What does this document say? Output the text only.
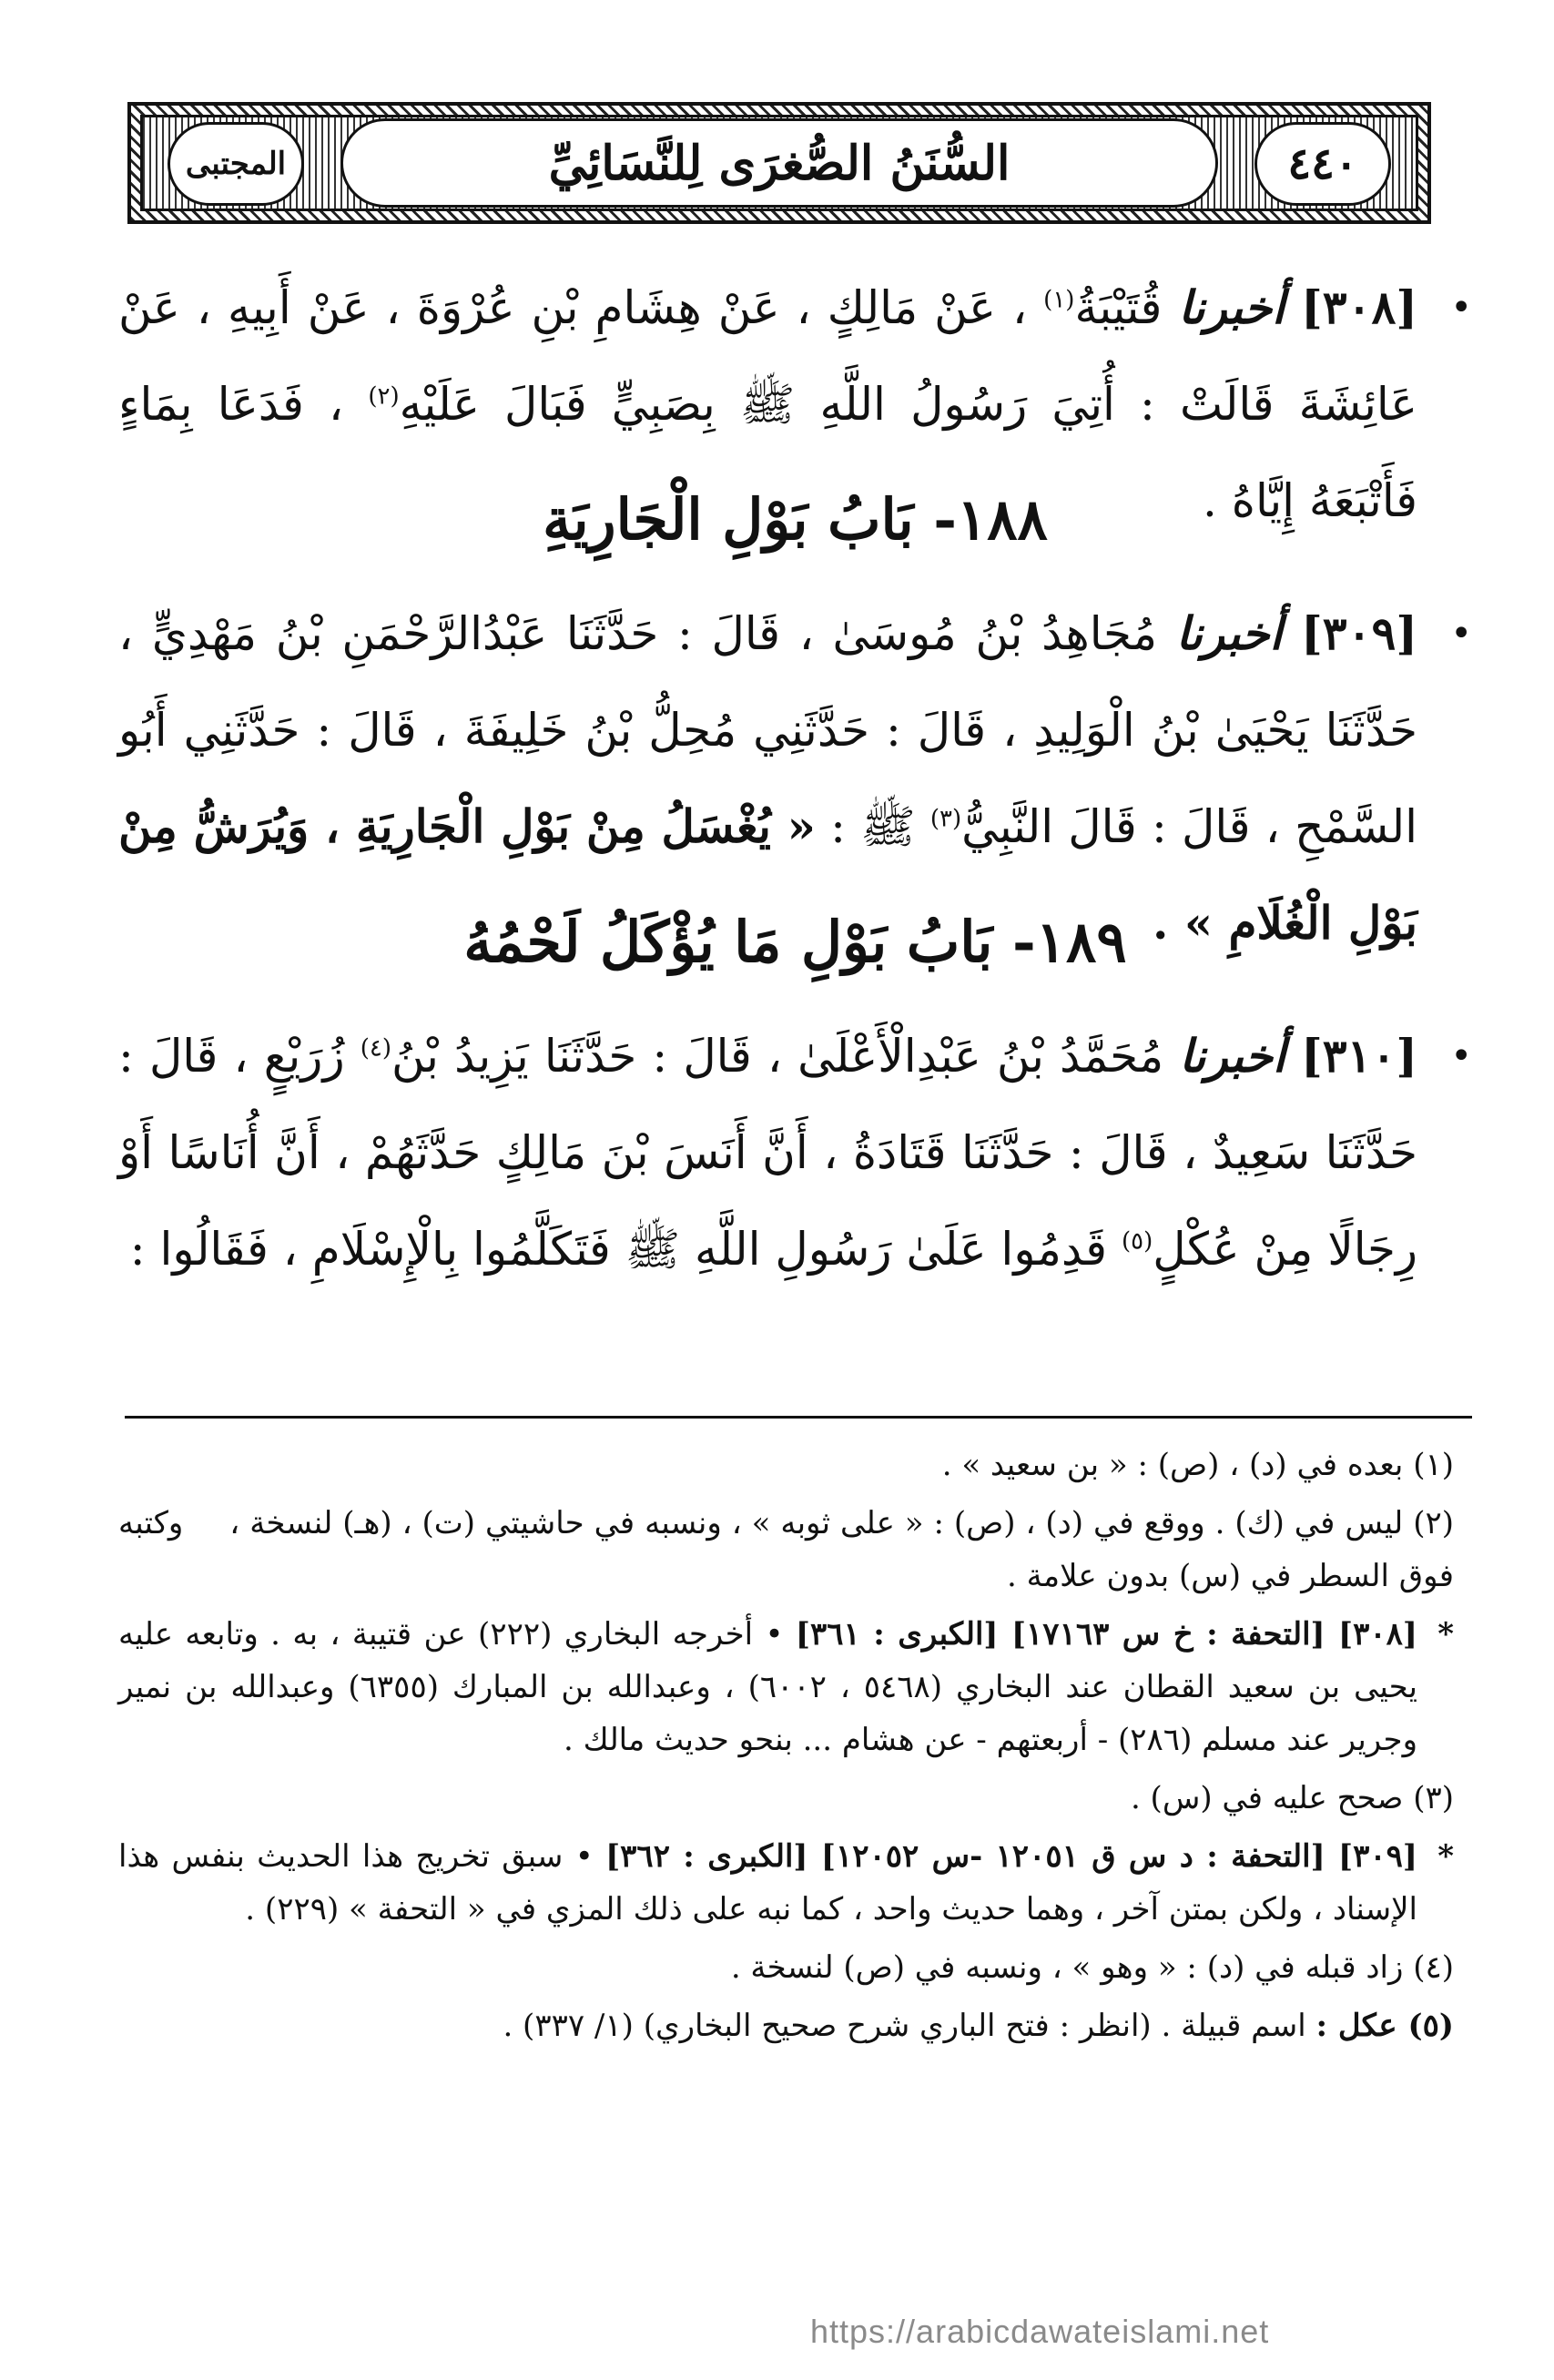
٤٤٠
السُّنَنُ الصُّغرَى لِلنَّسَائِيِّ
المجتبى

•
[٣٠٨] أخبرنا قُتَيْبَةُ$^{(١)}$ ، عَنْ مَالِكٍ ، عَنْ هِشَامِ بْنِ عُرْوَةَ ، عَنْ أَبِيهِ ، عَنْ عَائِشَةَ قَالَتْ : أُتِيَ رَسُولُ اللَّهِ ﷺ بِصَبِيٍّ فَبَالَ عَلَيْهِ$^{(٢)}$ ، فَدَعَا بِمَاءٍ فَأَتْبَعَهُ إِيَّاهُ .

١٨٨- بَابُ بَوْلِ الْجَارِيَةِ

•
[٣٠٩] أخبرنا مُجَاهِدُ بْنُ مُوسَىٰ ، قَالَ : حَدَّثَنَا عَبْدُالرَّحْمَنِ بْنُ مَهْدِيٍّ ، حَدَّثَنَا يَحْيَىٰ بْنُ الْوَلِيدِ ، قَالَ : حَدَّثَنِي مُحِلُّ بْنُ خَلِيفَةَ ، قَالَ : حَدَّثَنِي أَبُو السَّمْحِ ، قَالَ : قَالَ النَّبِيُّ$^{(٣)}$ ﷺ : « يُغْسَلُ مِنْ بَوْلِ الْجَارِيَةِ ، وَيُرَشُّ مِنْ بَوْلِ الْغُلَامِ » .

١٨٩- بَابُ بَوْلِ مَا يُؤْكَلُ لَحْمُهُ

•
[٣١٠] أخبرنا مُحَمَّدُ بْنُ عَبْدِالْأَعْلَىٰ ، قَالَ : حَدَّثَنَا يَزِيدُ بْنُ$^{(٤)}$ زُرَيْعٍ ، قَالَ : حَدَّثَنَا سَعِيدٌ ، قَالَ : حَدَّثَنَا قَتَادَةُ ، أَنَّ أَنَسَ بْنَ مَالِكٍ حَدَّثَهُمْ ، أَنَّ أُنَاسًا أَوْ رِجَالًا مِنْ عُكْلٍ$^{(٥)}$ قَدِمُوا عَلَىٰ رَسُولِ اللَّهِ ﷺ فَتَكَلَّمُوا بِالْإِسْلَامِ ، فَقَالُوا :

(١) بعده في (د) ، (ص) : « بن سعيد » .

(٢) ليس في (ك) . ووقع في (د) ، (ص) : « على ثوبه » ، ونسبه في حاشيتي (ت) ، (هـ) لنسخة ، وكتبه فوق السطر في (س) بدون علامة .

*
[٣٠٨] [التحفة : خ س ١٧١٦٣] [الكبرى : ٣٦١] • أخرجه البخاري (٢٢٢) عن قتيبة ، به . وتابعه عليه يحيى بن سعيد القطان عند البخاري (٥٤٦٨ ، ٦٠٠٢) ، وعبدالله بن المبارك (٦٣٥٥) وعبدالله بن نمير وجرير عند مسلم (٢٨٦) - أربعتهم - عن هشام ... بنحو حديث مالك .

(٣) صحح عليه في (س) .

*
[٣٠٩] [التحفة : د س ق ١٢٠٥١ -س ١٢٠٥٢] [الكبرى : ٣٦٢] • سبق تخريج هذا الحديث بنفس هذا الإسناد ، ولكن بمتن آخر ، وهما حديث واحد ، كما نبه على ذلك المزي في « التحفة » (٢٢٩) .

(٤) زاد قبله في (د) : « وهو » ، ونسبه في (ص) لنسخة .

(٥) عكل : اسم قبيلة . (انظر : فتح الباري شرح صحيح البخاري) (١/ ٣٣٧) .

https://arabicdawateislami.net
